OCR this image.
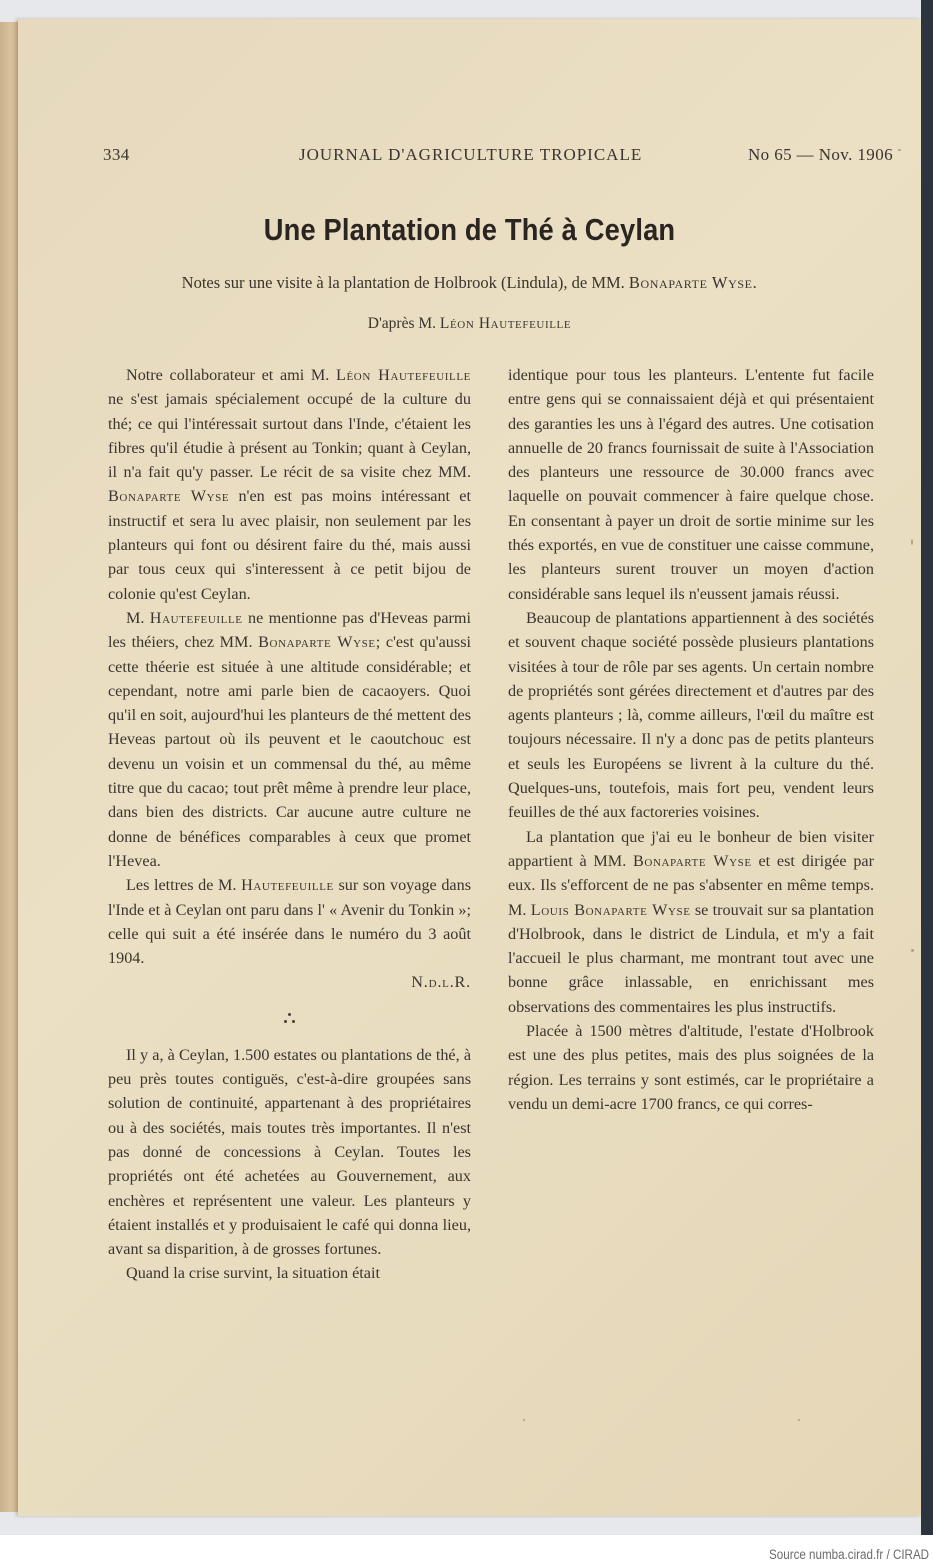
334	JOURNAL D'AGRICULTURE TROPICALE	No 65 — Nov. 1906
Une Plantation de Thé à Ceylan
Notes sur une visite à la plantation de Holbrook (Lindula), de MM. Bonaparte Wyse.
D'après M. Léon Hautefeuille

Notre collaborateur et ami M. Léon Hautefeuille ne s'est jamais spécialement occupé de la culture du thé; ce qui l'intéressait surtout dans l'Inde, c'étaient les fibres qu'il étudie à présent au Tonkin; quant à Ceylan, il n'a fait qu'y passer. Le récit de sa visite chez MM. Bonaparte Wyse n'en est pas moins intéressant et instructif et sera lu avec plaisir, non seulement par les planteurs qui font ou désirent faire du thé, mais aussi par tous ceux qui s'interessent à ce petit bijou de colonie qu'est Ceylan.

M. Hautefeuille ne mentionne pas d'Heveas parmi les théiers, chez MM. Bonaparte Wyse; c'est qu'aussi cette théerie est située à une altitude considérable; et cependant, notre ami parle bien de cacaoyers. Quoi qu'il en soit, aujourd'hui les planteurs de thé mettent des Heveas partout où ils peuvent et le caoutchouc est devenu un voisin et un commensal du thé, au même titre que du cacao; tout prêt même à prendre leur place, dans bien des districts. Car aucune autre culture ne donne de bénéfices comparables à ceux que promet l'Hevea.

Les lettres de M. Hautefeuille sur son voyage dans l'Inde et à Ceylan ont paru dans l' « Avenir du Tonkin »; celle qui suit a été insérée dans le numéro du 3 août 1904.

N.d.l.R.

Il y a, à Ceylan, 1.500 estates ou plantations de thé, à peu près toutes contiguës, c'est-à-dire groupées sans solution de continuité, appartenant à des propriétaires ou à des sociétés, mais toutes très importantes. Il n'est pas donné de concessions à Ceylan. Toutes les propriétés ont été achetées au Gouvernement, aux enchères et représentent une valeur. Les planteurs y étaient installés et y produisaient le café qui donna lieu, avant sa disparition, à de grosses fortunes.

Quand la crise survint, la situation était

identique pour tous les planteurs. L'entente fut facile entre gens qui se connaissaient déjà et qui présentaient des garanties les uns à l'égard des autres. Une cotisation annuelle de 20 francs fournissait de suite à l'Association des planteurs une ressource de 30.000 francs avec laquelle on pouvait commencer à faire quelque chose. En consentant à payer un droit de sortie minime sur les thés exportés, en vue de constituer une caisse commune, les planteurs surent trouver un moyen d'action considérable sans lequel ils n'eussent jamais réussi.

Beaucoup de plantations appartiennent à des sociétés et souvent chaque société possède plusieurs plantations visitées à tour de rôle par ses agents. Un certain nombre de propriétés sont gérées directement et d'autres par des agents planteurs ; là, comme ailleurs, l'œil du maître est toujours nécessaire. Il n'y a donc pas de petits planteurs et seuls les Européens se livrent à la culture du thé. Quelques-uns, toutefois, mais fort peu, vendent leurs feuilles de thé aux factoreries voisines.

La plantation que j'ai eu le bonheur de bien visiter appartient à MM. Bonaparte Wyse et est dirigée par eux. Ils s'efforcent de ne pas s'absenter en même temps. M. Louis Bonaparte Wyse se trouvait sur sa plantation d'Holbrook, dans le district de Lindula, et m'y a fait l'accueil le plus charmant, me montrant tout avec une bonne grâce inlassable, en enrichissant mes observations des commentaires les plus instructifs.

Placée à 1500 mètres d'altitude, l'estate d'Holbrook est une des plus petites, mais des plus soignées de la région. Les terrains y sont estimés, car le propriétaire a vendu un demi-acre 1700 francs, ce qui corres-

Source numba.cirad.fr / CIRAD
